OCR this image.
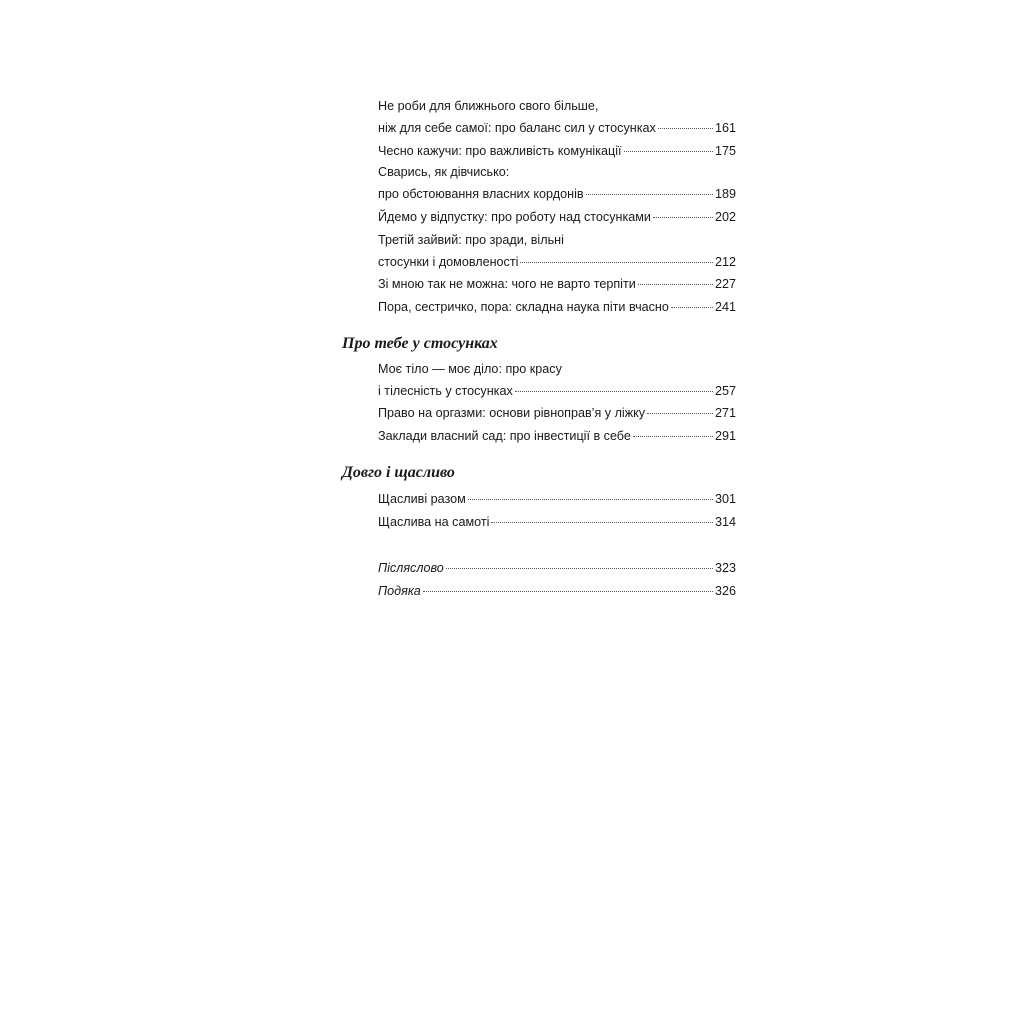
Не роби для ближнього свого більше,
ніж для себе самої: про баланс сил у стосунках	161
Чесно кажучи: про важливість комунікації	175
Сварись, як дівчисько:
про обстоювання власних кордонів	189
Йдемо у відпустку: про роботу над стосунками	202
Третій зайвий: про зради, вільні
стосунки і домовленості	212
Зі мною так не можна: чого не варто терпіти	227
Пора, сестричко, пора: складна наука піти вчасно	241
Про тебе у стосунках
Моє тіло — моє діло: про красу
і тілесність у стосунках	257
Право на оргазми: основи рівноправ’я у ліжку	271
Заклади власний сад: про інвестиції в себе	291
Довго і щасливо
Щасливі разом	301
Щаслива на самоті	314
Післяслово	323
Подяка	326
